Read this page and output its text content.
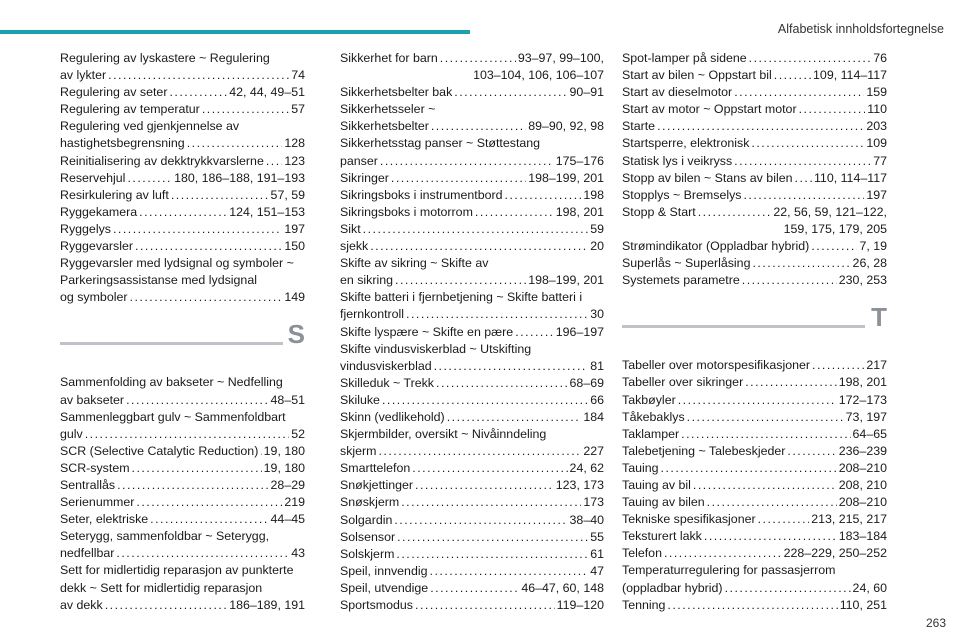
Alfabetisk innholdsfortegnelse
Regulering av lyskastere ~ Regulering
av lykter .....	74
Regulering av seter .....	42, 44, 49–51
Regulering av temperatur .....	57
Regulering ved gjenkjennelse av
hastighetsbegrensning .....	128
Reinitialisering av dekktrykkvarslerne ..... 123
Reservehjul .....	180, 186–188, 191–193
Resirkulering av luft .....	57, 59
Ryggekamera .....	124, 151–153
Ryggelys .....	197
Ryggevarsler .....	150
Ryggevarsler med lydsignal og symboler ~
Parkeringsassistanse med lydsignal
og symboler .....	149
S
Sammenfolding av bakseter ~ Nedfelling
av bakseter .....	48–51
Sammenleggbart gulv ~ Sammenfoldbart
gulv .....	52
SCR (Selective Catalytic Reduction) ..... 19, 180
SCR-system .....	19, 180
Sentrallås .....	28–29
Serienummer .....	219
Seter, elektriske .....	44–45
Seterygg, sammenfoldbar ~ Seterygg,
nedfellbar .....	43
Sett for midlertidig reparasjon av punkterte
dekk ~ Sett for midlertidig reparasjon
av dekk .....	186–189, 191
Sikkerhet for barn .....	93–97, 99–100,
103–104, 106, 106–107
Sikkerhetsbelter bak .....	90–91
Sikkerhetsseler ~
Sikkerhetsbelter .....	89–90, 92, 98
Sikkerhetsstag panser ~ Støttestang
panser .....	175–176
Sikringer .....	198–199, 201
Sikringsboks i instrumentbord .....	198
Sikringsboks i motorrom .....	198, 201
Sikt .....	59
sjekk .....	20
Skifte av sikring ~ Skifte av
en sikring .....	198–199, 201
Skifte batteri i fjernbetjening ~ Skifte batteri i
fjernkontroll .....	30
Skifte lyspære ~ Skifte en pære .....	196–197
Skifte vindusviskerblad ~ Utskifting
vindusviskerblad .....	81
Skilleduk ~ Trekk .....	68–69
Skiluke .....	66
Skinn (vedlikehold) .....	184
Skjermbilder, oversikt ~ Nivåinndeling
skjerm .....	227
Smarttelefon .....	24, 62
Snøkjettinger .....	123, 173
Snøskjerm .....	173
Solgardin .....	38–40
Solsensor .....	55
Solskjerm .....	61
Speil, innvendig .....	47
Speil, utvendige .....	46–47, 60, 148
Sportsmodus .....	119–120
Spot-lamper på sidene .....	76
Start av bilen ~ Oppstart bil .....	109, 114–117
Start av dieselmotor .....	159
Start av motor ~ Oppstart motor .....	110
Starte .....	203
Startsperre, elektronisk .....	109
Statisk lys i veikryss .....	77
Stopp av bilen ~ Stans av bilen ..... 110, 114–117
Stopplys ~ Bremselys .....	197
Stopp & Start .....	22, 56, 59, 121–122,
159, 175, 179, 205
Strømindikator (Oppladbar hybrid) .....	7, 19
Superlås ~ Superlåsing .....	26, 28
Systemets parametre .....	230, 253
T
Tabeller over motorspesifikasjoner .....	217
Tabeller over sikringer .....	198, 201
Takbøyler .....	172–173
Tåkebaklys .....	73, 197
Taklamper .....	64–65
Talebetjening ~ Talebeskjeder .....	236–239
Tauing .....	208–210
Tauing av bil .....	208, 210
Tauing av bilen .....	208–210
Tekniske spesifikasjoner .....	213, 215, 217
Teksturert lakk .....	183–184
Telefon .....	228–229, 250–252
Temperaturregulering for passasjerrom
(oppladbar hybrid) .....	24, 60
Tenning .....	110, 251
263
